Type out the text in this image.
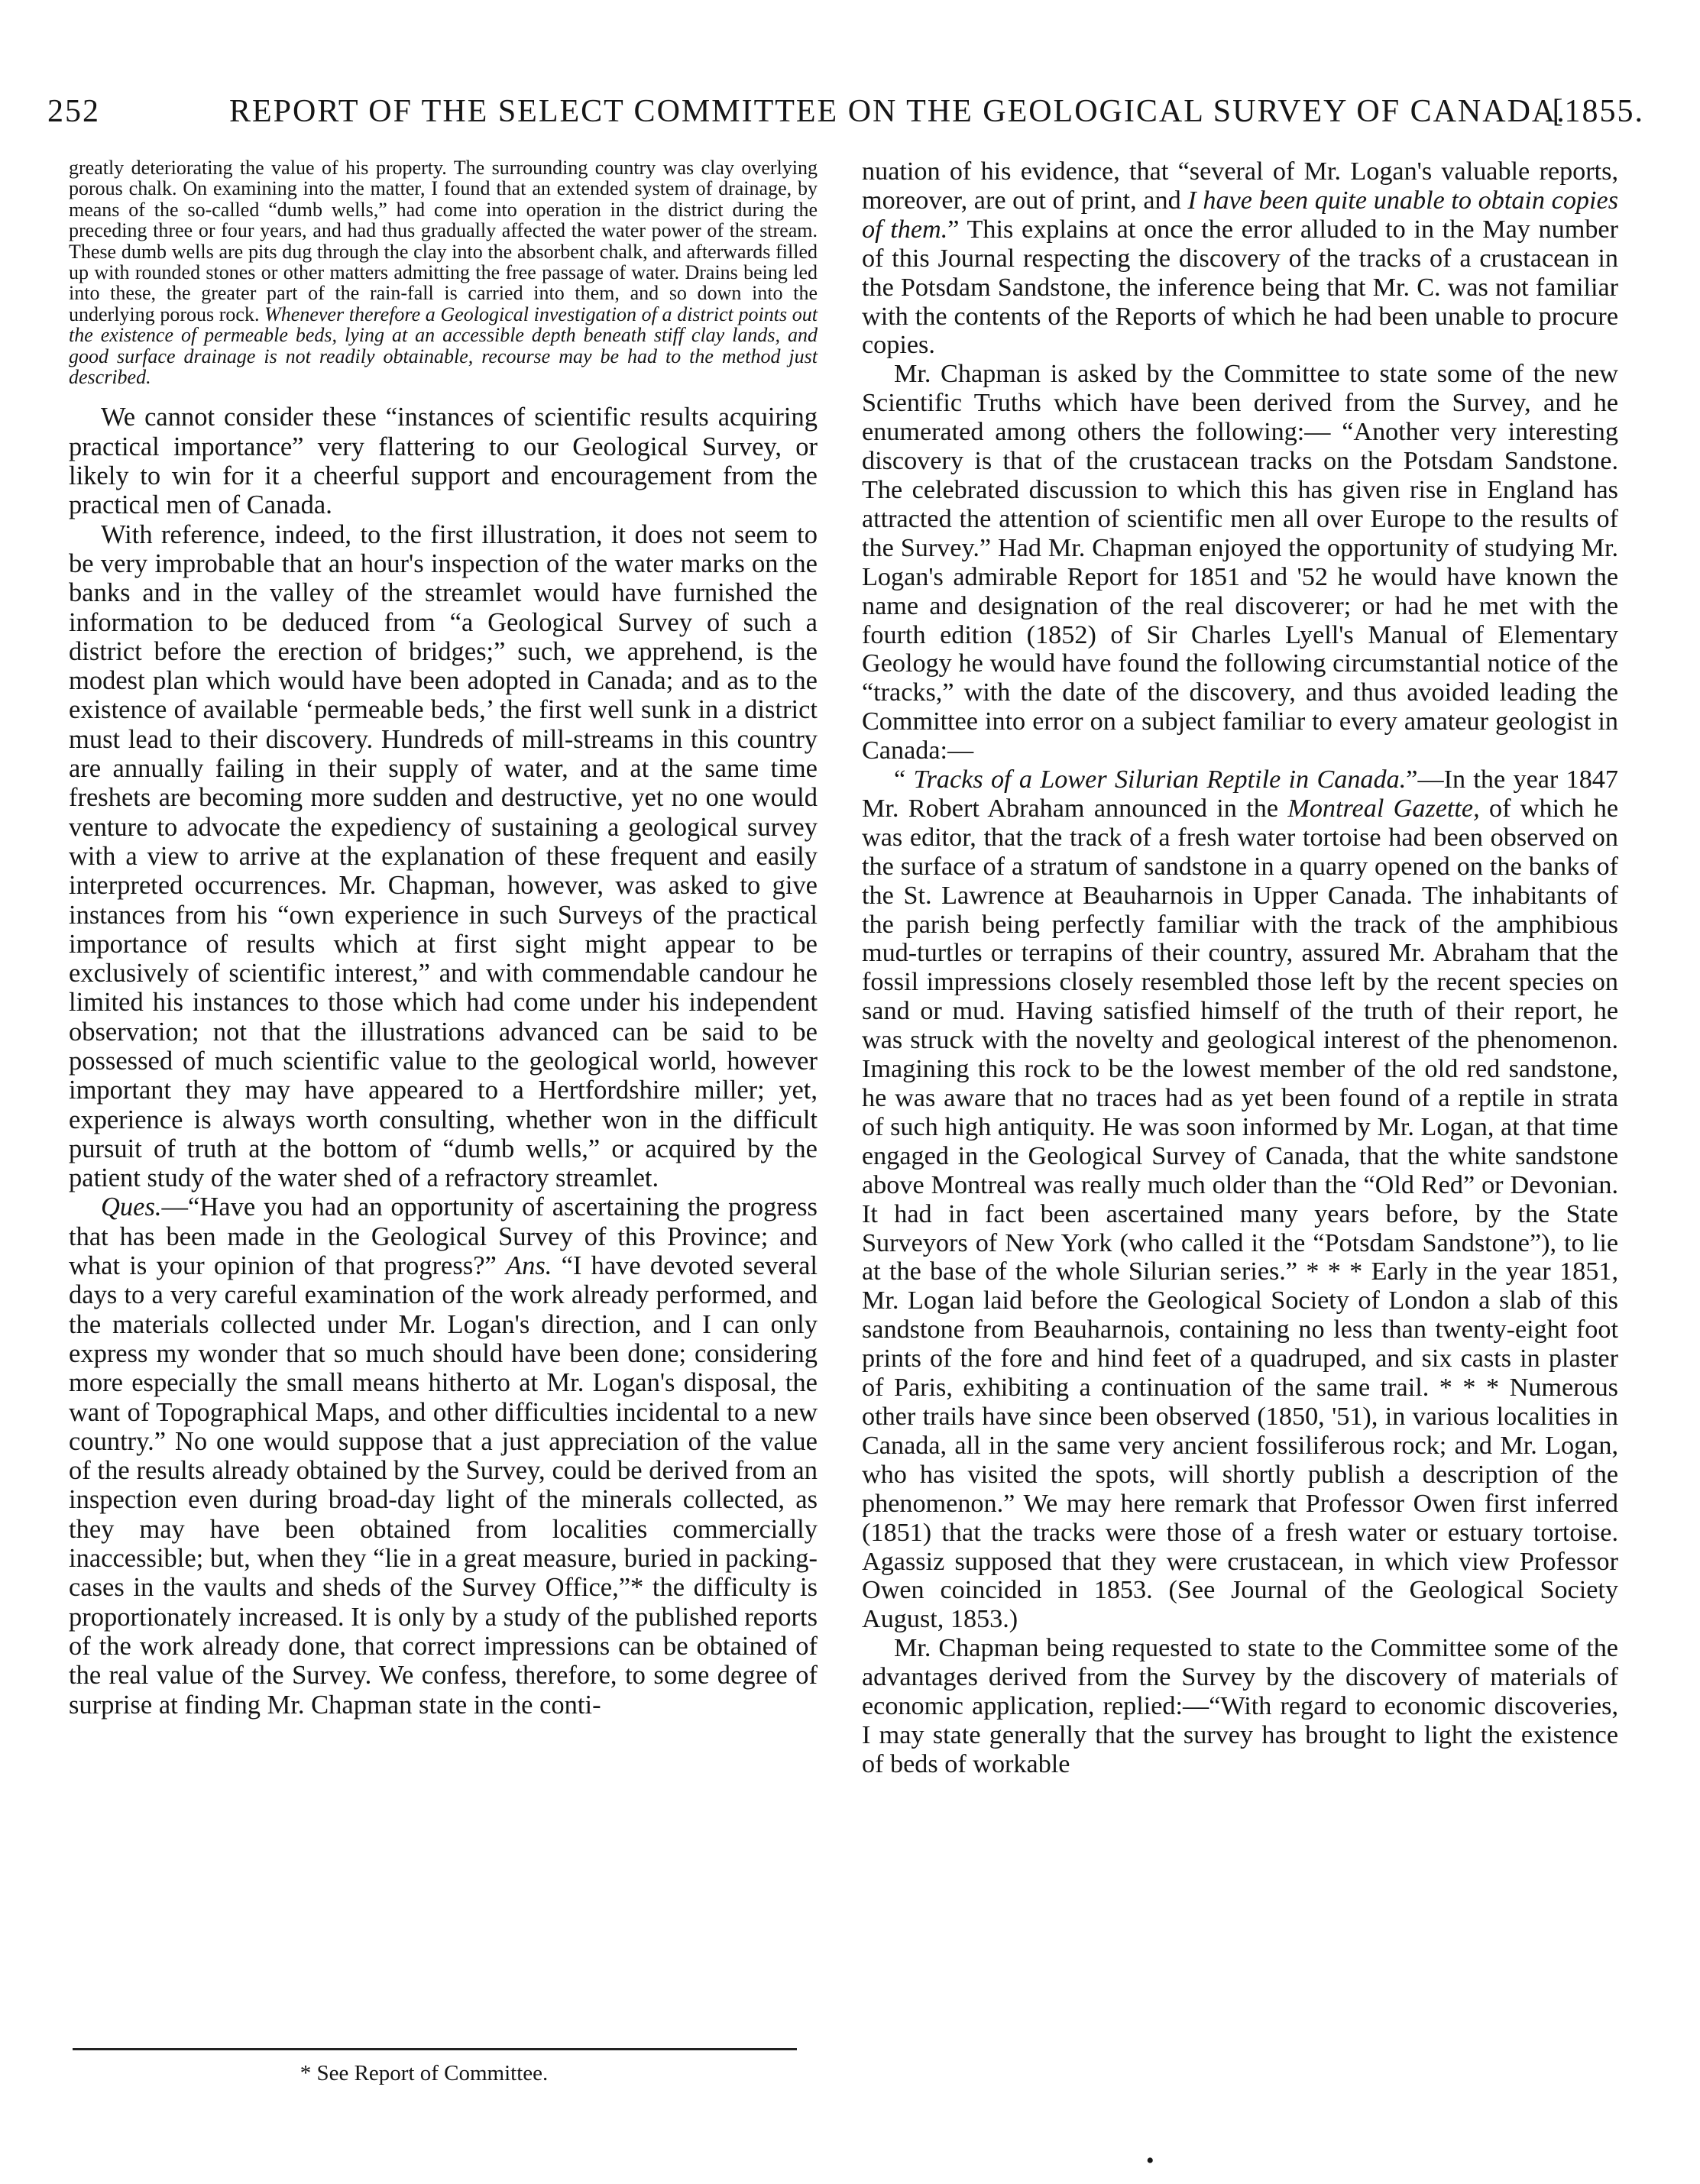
252	REPORT OF THE SELECT COMMITTEE ON THE GEOLOGICAL SURVEY OF CANADA.
[1855.

greatly deteriorating the value of his property. The surrounding country was clay overlying porous chalk. On examining into the matter, I found that an extended system of drainage, by means of the so-called “dumb wells,” had come into operation in the district during the preceding three or four years, and had thus gradually affected the water power of the stream. These dumb wells are pits dug through the clay into the absorbent chalk, and afterwards filled up with rounded stones or other matters admitting the free passage of water. Drains being led into these, the greater part of the rain-fall is carried into them, and so down into the underlying porous rock. Whenever therefore a Geological investigation of a district points out the existence of permeable beds, lying at an accessible depth beneath stiff clay lands, and good surface drainage is not readily obtainable, recourse may be had to the method just described.

We cannot consider these “instances of scientific results acquiring practical importance” very flattering to our Geological Survey, or likely to win for it a cheerful support and encouragement from the practical men of Canada.

With reference, indeed, to the first illustration, it does not seem to be very improbable that an hour's inspection of the water marks on the banks and in the valley of the streamlet would have furnished the information to be deduced from “a Geological Survey of such a district before the erection of bridges;” such, we apprehend, is the modest plan which would have been adopted in Canada; and as to the existence of available ‘permeable beds,’ the first well sunk in a district must lead to their discovery. Hundreds of mill-streams in this country are annually failing in their supply of water, and at the same time freshets are becoming more sudden and destructive, yet no one would venture to advocate the expediency of sustaining a geological survey with a view to arrive at the explanation of these frequent and easily interpreted occurrences. Mr. Chapman, however, was asked to give instances from his “own experience in such Surveys of the practical importance of results which at first sight might appear to be exclusively of scientific interest,” and with commendable candour he limited his instances to those which had come under his independent observation; not that the illustrations advanced can be said to be possessed of much scientific value to the geological world, however important they may have appeared to a Hertfordshire miller; yet, experience is always worth consulting, whether won in the difficult pursuit of truth at the bottom of “dumb wells,” or acquired by the patient study of the water shed of a refractory streamlet.

Ques.—“Have you had an opportunity of ascertaining the progress that has been made in the Geological Survey of this Province; and what is your opinion of that progress?” Ans. “I have devoted several days to a very careful examination of the work already performed, and the materials collected under Mr. Logan's direction, and I can only express my wonder that so much should have been done; considering more especially the small means hitherto at Mr. Logan's disposal, the want of Topographical Maps, and other difficulties incidental to a new country.” No one would suppose that a just appreciation of the value of the results already obtained by the Survey, could be derived from an inspection even during broad-day light of the minerals collected, as they may have been obtained from localities commercially inaccessible; but, when they “lie in a great measure, buried in packing-cases in the vaults and sheds of the Survey Office,”* the difficulty is proportionately increased. It is only by a study of the published reports of the work already done, that correct impressions can be obtained of the real value of the Survey. We confess, therefore, to some degree of surprise at finding Mr. Chapman state in the conti-

nuation of his evidence, that “several of Mr. Logan's valuable reports, moreover, are out of print, and I have been quite unable to obtain copies of them.” This explains at once the error alluded to in the May number of this Journal respecting the discovery of the tracks of a crustacean in the Potsdam Sandstone, the inference being that Mr. C. was not familiar with the contents of the Reports of which he had been unable to procure copies.

Mr. Chapman is asked by the Committee to state some of the new Scientific Truths which have been derived from the Survey, and he enumerated among others the following:— “Another very interesting discovery is that of the crustacean tracks on the Potsdam Sandstone. The celebrated discussion to which this has given rise in England has attracted the attention of scientific men all over Europe to the results of the Survey.” Had Mr. Chapman enjoyed the opportunity of studying Mr. Logan's admirable Report for 1851 and '52 he would have known the name and designation of the real discoverer; or had he met with the fourth edition (1852) of Sir Charles Lyell's Manual of Elementary Geology he would have found the following circumstantial notice of the “tracks,” with the date of the discovery, and thus avoided leading the Committee into error on a subject familiar to every amateur geologist in Canada:—

“ Tracks of a Lower Silurian Reptile in Canada.”—In the year 1847 Mr. Robert Abraham announced in the Montreal Gazette, of which he was editor, that the track of a fresh water tortoise had been observed on the surface of a stratum of sandstone in a quarry opened on the banks of the St. Lawrence at Beauharnois in Upper Canada. The inhabitants of the parish being perfectly familiar with the track of the amphibious mud-turtles or terrapins of their country, assured Mr. Abraham that the fossil impressions closely resembled those left by the recent species on sand or mud. Having satisfied himself of the truth of their report, he was struck with the novelty and geological interest of the phenomenon. Imagining this rock to be the lowest member of the old red sandstone, he was aware that no traces had as yet been found of a reptile in strata of such high antiquity. He was soon informed by Mr. Logan, at that time engaged in the Geological Survey of Canada, that the white sandstone above Montreal was really much older than the “Old Red” or Devonian. It had in fact been ascertained many years before, by the State Surveyors of New York (who called it the “Potsdam Sandstone”), to lie at the base of the whole Silurian series.” * * * Early in the year 1851, Mr. Logan laid before the Geological Society of London a slab of this sandstone from Beauharnois, containing no less than twenty-eight foot prints of the fore and hind feet of a quadruped, and six casts in plaster of Paris, exhibiting a continuation of the same trail. * * * Numerous other trails have since been observed (1850, '51), in various localities in Canada, all in the same very ancient fossiliferous rock; and Mr. Logan, who has visited the spots, will shortly publish a description of the phenomenon.” We may here remark that Professor Owen first inferred (1851) that the tracks were those of a fresh water or estuary tortoise. Agassiz supposed that they were crustacean, in which view Professor Owen coincided in 1853. (See Journal of the Geological Society August, 1853.)

Mr. Chapman being requested to state to the Committee some of the advantages derived from the Survey by the discovery of materials of economic application, replied:—“With regard to economic discoveries, I may state generally that the survey has brought to light the existence of beds of workable

* See Report of Committee.
•
